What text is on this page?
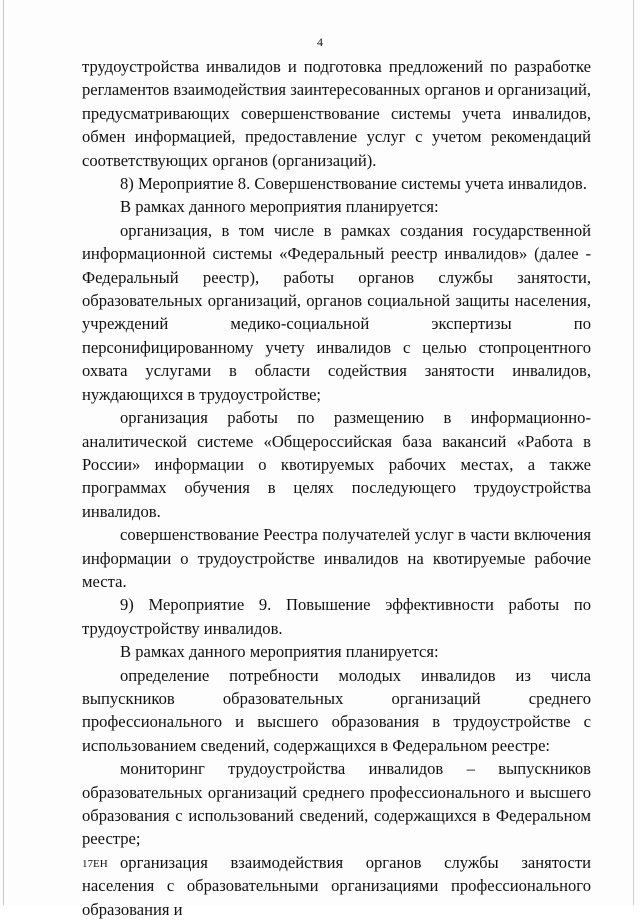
4

трудоустройства инвалидов и подготовка предложений по разработке регламентов взаимодействия заинтересованных органов и организаций, предусматривающих совершенствование системы учета инвалидов, обмен информацией, предоставление услуг с учетом рекомендаций соответствующих органов (организаций).

8) Мероприятие 8. Совершенствование системы учета инвалидов.

В рамках данного мероприятия планируется:

организация, в том числе в рамках создания государственной информационной системы «Федеральный реестр инвалидов» (далее - Федеральный реестр), работы органов службы занятости, образовательных организаций, органов социальной защиты населения, учреждений медико-социальной экспертизы по персонифицированному учету инвалидов с целью стопроцентного охвата услугами в области содействия занятости инвалидов, нуждающихся в трудоустройстве;

организация работы по размещению в информационно-аналитической системе «Общероссийская база вакансий «Работа в России» информации о квотируемых рабочих местах, а также программах обучения в целях последующего трудоустройства инвалидов.

совершенствование Реестра получателей услуг в части включения информации о трудоустройстве инвалидов на квотируемые рабочие места.

9) Мероприятие 9. Повышение эффективности работы по трудоустройству инвалидов.

В рамках данного мероприятия планируется:

определение потребности молодых инвалидов из числа выпускников образовательных организаций среднего профессионального и высшего образования в трудоустройстве с использованием сведений, содержащихся в Федеральном реестре:

мониторинг трудоустройства инвалидов – выпускников образовательных организаций среднего профессионального и высшего образования с использований сведений, содержащихся в Федеральном реестре;

организация взаимодействия органов службы занятости населения с образовательными организациями профессионального образования и

17EH
